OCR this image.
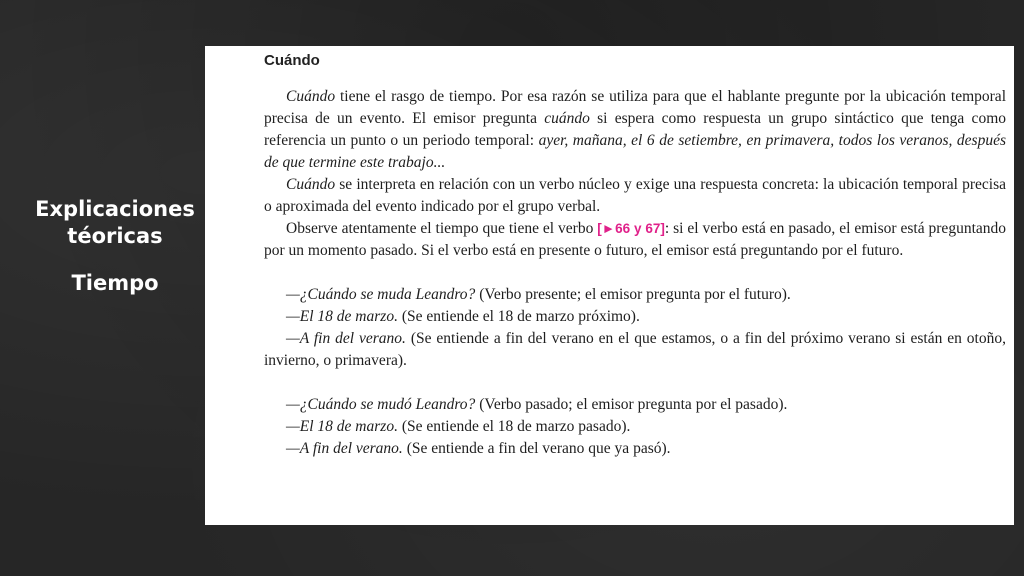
Explicaciones
téoricas
Tiempo
Cuándo

Cuándo tiene el rasgo de tiempo. Por esa razón se utiliza para que el hablante pregunte por la ubicación temporal precisa de un evento. El emisor pregunta cuándo si espera como respuesta un grupo sintáctico que tenga como referencia un punto o un periodo temporal: ayer, mañana, el 6 de setiembre, en primavera, todos los veranos, después de que termine este trabajo...

Cuándo se interpreta en relación con un verbo núcleo y exige una respuesta concreta: la ubicación temporal precisa o aproximada del evento indicado por el grupo verbal.

Observe atentamente el tiempo que tiene el verbo [►66 y 67]: si el verbo está en pasado, el emisor está preguntando por un momento pasado. Si el verbo está en presente o futuro, el emisor está preguntando por el futuro.

—¿Cuándo se muda Leandro? (Verbo presente; el emisor pregunta por el futuro).

—El 18 de marzo. (Se entiende el 18 de marzo próximo).

—A fin del verano. (Se entiende a fin del verano en el que estamos, o a fin del próximo verano si están en otoño, invierno, o primavera).

—¿Cuándo se mudó Leandro? (Verbo pasado; el emisor pregunta por el pasado).

—El 18 de marzo. (Se entiende el 18 de marzo pasado).

—A fin del verano. (Se entiende a fin del verano que ya pasó).
